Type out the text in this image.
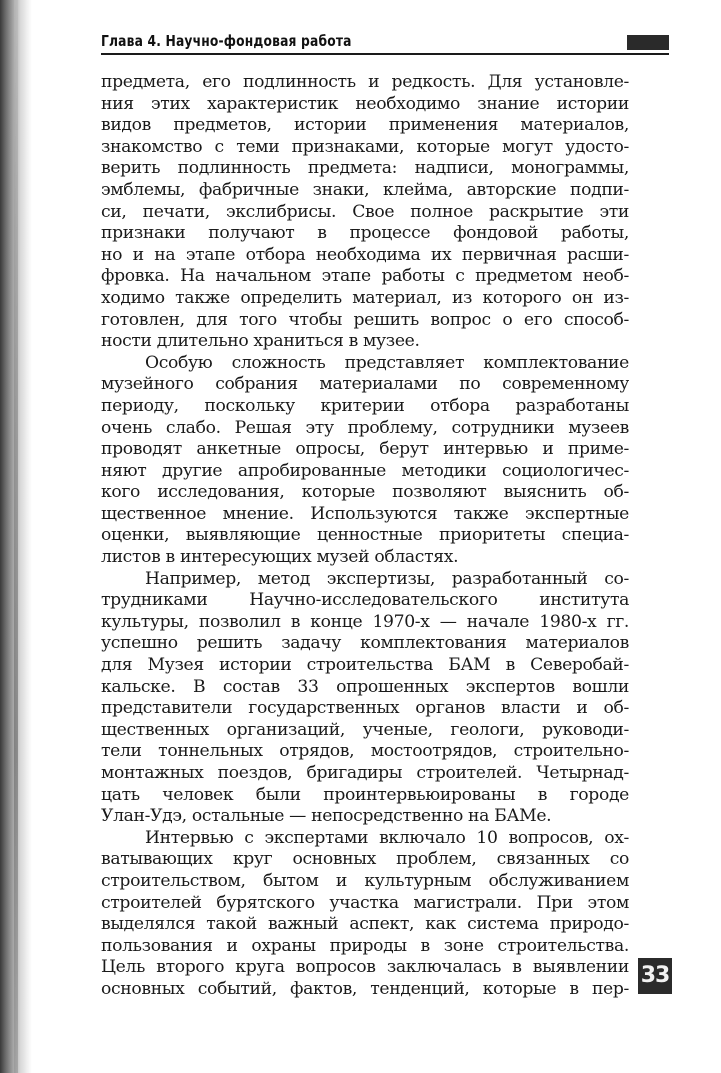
Глава 4. Научно-фондовая работа
предмета, его подлинность и редкость. Для установле-
ния этих характеристик необходимо знание истории
видов предметов, истории применения материалов,
знакомство с теми признаками, которые могут удосто-
верить подлинность предмета: надписи, монограммы,
эмблемы, фабричные знаки, клейма, авторские подпи-
си, печати, экслибрисы. Свое полное раскрытие эти
признаки получают в процессе фондовой работы,
но и на этапе отбора необходима их первичная расши-
фровка. На начальном этапе работы с предметом необ-
ходимо также определить материал, из которого он из-
готовлен, для того чтобы решить вопрос о его способ-
ности длительно храниться в музее.
Особую сложность представляет комплектование
музейного собрания материалами по современному
периоду, поскольку критерии отбора разработаны
очень слабо. Решая эту проблему, сотрудники музеев
проводят анкетные опросы, берут интервью и приме-
няют другие апробированные методики социологичес-
кого исследования, которые позволяют выяснить об-
щественное мнение. Используются также экспертные
оценки, выявляющие ценностные приоритеты специа-
листов в интересующих музей областях.
Например, метод экспертизы, разработанный со-
трудниками Научно-исследовательского института
культуры, позволил в конце 1970-х — начале 1980-х гг.
успешно решить задачу комплектования материалов
для Музея истории строительства БАМ в Северобай-
кальске. В состав 33 опрошенных экспертов вошли
представители государственных органов власти и об-
щественных организаций, ученые, геологи, руководи-
тели тоннельных отрядов, мостоотрядов, строительно-
монтажных поездов, бригадиры строителей. Четырнад-
цать человек были проинтервьюированы в городе
Улан-Удэ, остальные — непосредственно на БАМе.
Интервью с экспертами включало 10 вопросов, ох-
ватывающих круг основных проблем, связанных со
строительством, бытом и культурным обслуживанием
строителей бурятского участка магистрали. При этом
выделялся такой важный аспект, как система природо-
пользования и охраны природы в зоне строительства.
Цель второго круга вопросов заключалась в выявлении
основных событий, фактов, тенденций, которые в пер-
33
